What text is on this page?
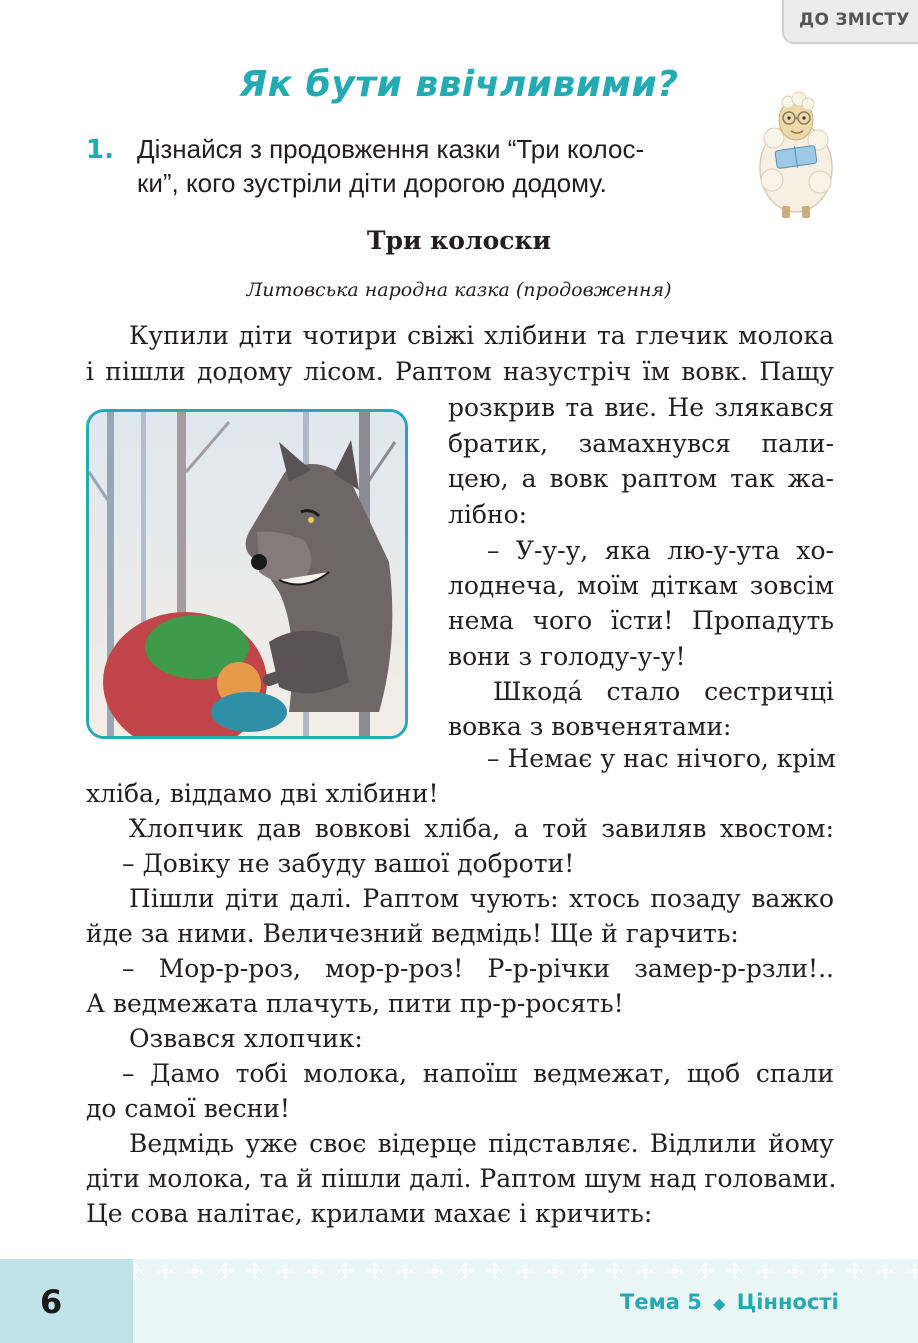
ДО ЗМІСТУ
Як бути ввічливими?
1. Дізнайся з продовження казки “Три колос-
ки”, кого зустріли діти дорогою додому.
Три колоски
Литовська народна казка (продовження)
Купили діти чотири свіжі хлібини та глечик молока
і пішли додому лісом. Раптом назустріч їм вовк. Пащу
розкрив та виє. Не злякався
братик, замахнувся пали-
цею, а вовк раптом так жа-
лібно:
– У-у-у, яка лю-у-ута хо-
лоднеча, моїм діткам зовсім
нема чого їсти! Пропадуть
вони з голоду-у-у!
Шкода́ стало сестричці
вовка з вовченятами:
– Немає у нас нічого, крім
хліба, віддамо дві хлібини!
Хлопчик дав вовкові хліба, а той завиляв хвостом:
– Довіку не забуду вашої доброти!
Пішли діти далі. Раптом чують: хтось позаду важко
йде за ними. Величезний ведмідь! Ще й гарчить:
– Мор-р-роз, мор-р-роз! Р-р-річки замер-р-рзли!..
А ведмежата плачуть, пити пр-р-росять!
Озвався хлопчик:
– Дамо тобі молока, напоїш ведмежат, щоб спали
до самої весни!
Ведмідь уже своє відерце підставляє. Відлили йому
діти молока, та й пішли далі. Раптом шум над головами.
Це сова налітає, крилами махає і кричить:
6	Тема 5 ◆ Цінності
